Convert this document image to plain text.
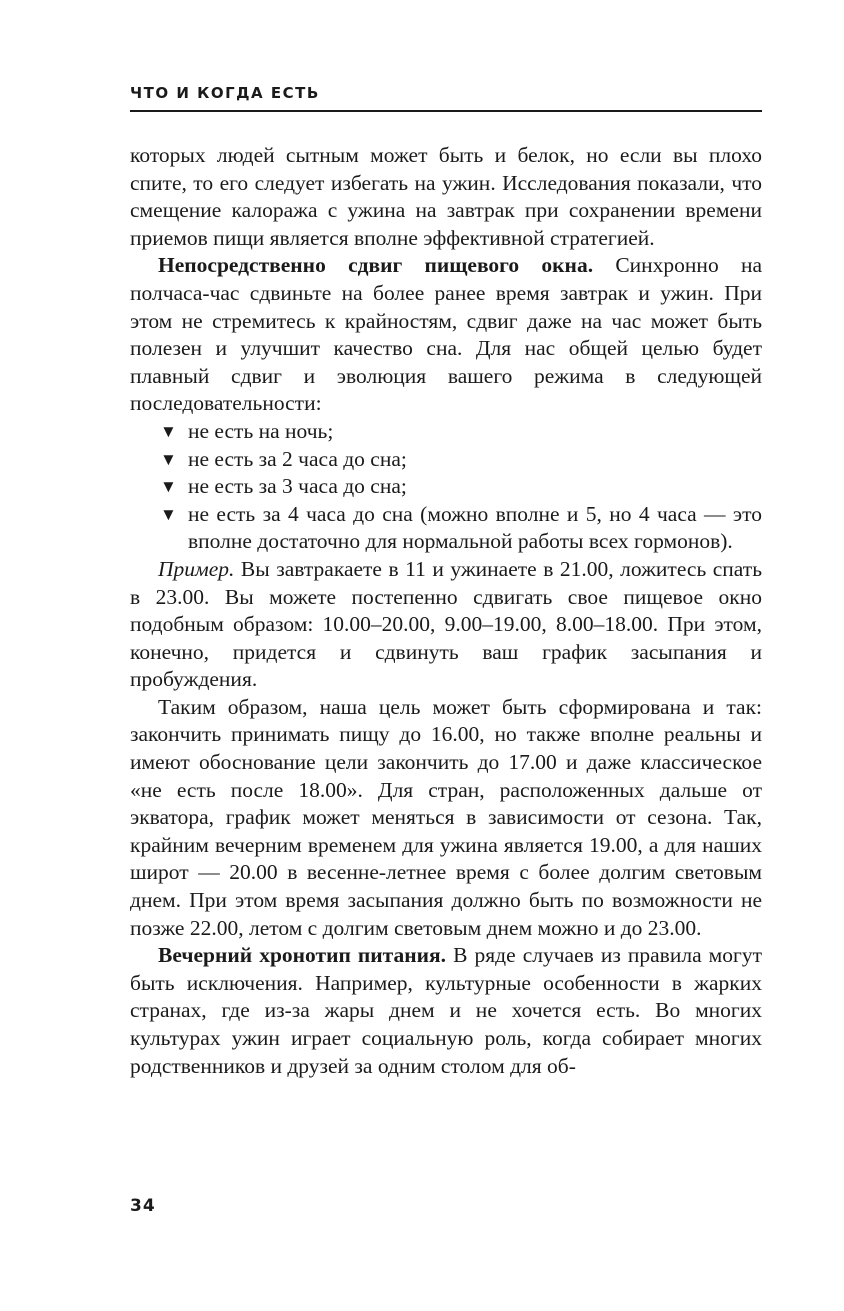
ЧТО И КОГДА ЕСТЬ

которых людей сытным может быть и белок, но если вы плохо спите, то его следует избегать на ужин. Исследования показали, что смещение калоража с ужина на завтрак при сохранении времени приемов пищи является вполне эффективной стратегией.

Непосредственно сдвиг пищевого окна. Синхронно на полчаса-час сдвиньте на более ранее время завтрак и ужин. При этом не стремитесь к крайностям, сдвиг даже на час может быть полезен и улучшит качество сна. Для нас общей целью будет плавный сдвиг и эволюция вашего режима в следующей последовательности:

▼ не есть на ночь;
▼ не есть за 2 часа до сна;
▼ не есть за 3 часа до сна;
▼ не есть за 4 часа до сна (можно вполне и 5, но 4 часа — это вполне достаточно для нормальной работы всех гормонов).

Пример. Вы завтракаете в 11 и ужинаете в 21.00, ложитесь спать в 23.00. Вы можете постепенно сдвигать свое пищевое окно подобным образом: 10.00–20.00, 9.00–19.00, 8.00–18.00. При этом, конечно, придется и сдвинуть ваш график засыпания и пробуждения.

Таким образом, наша цель может быть сформирована и так: закончить принимать пищу до 16.00, но также вполне реальны и имеют обоснование цели закончить до 17.00 и даже классическое «не есть после 18.00». Для стран, расположенных дальше от экватора, график может меняться в зависимости от сезона. Так, крайним вечерним временем для ужина является 19.00, а для наших широт — 20.00 в весенне-летнее время с более долгим световым днем. При этом время засыпания должно быть по возможности не позже 22.00, летом с долгим световым днем можно и до 23.00.

Вечерний хронотип питания. В ряде случаев из правила могут быть исключения. Например, культурные особенности в жарких странах, где из-за жары днем и не хочется есть. Во многих культурах ужин играет социальную роль, когда собирает многих родственников и друзей за одним столом для об-

34
